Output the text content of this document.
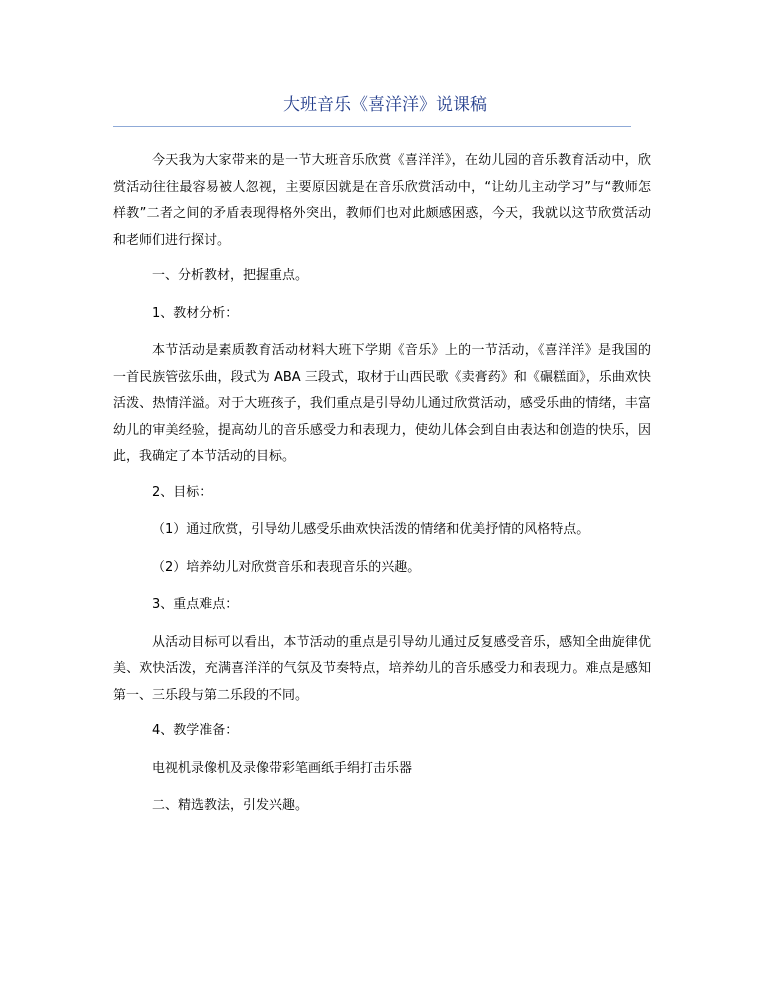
大班音乐《喜洋洋》说课稿

今天我为大家带来的是一节大班音乐欣赏《喜洋洋》，在幼儿园的音乐教育活动中，欣赏活动往往最容易被人忽视，主要原因就是在音乐欣赏活动中，“让幼儿主动学习”与“教师怎样教”二者之间的矛盾表现得格外突出，教师们也对此颇感困惑，今天，我就以这节欣赏活动和老师们进行探讨。

一、分析教材，把握重点。

1、教材分析：

本节活动是素质教育活动材料大班下学期《音乐》上的一节活动，《喜洋洋》是我国的一首民族管弦乐曲，段式为 ABA 三段式，取材于山西民歌《卖膏药》和《碾糕面》，乐曲欢快活泼、热情洋溢。对于大班孩子，我们重点是引导幼儿通过欣赏活动，感受乐曲的情绪，丰富幼儿的审美经验，提高幼儿的音乐感受力和表现力，使幼儿体会到自由表达和创造的快乐，因此，我确定了本节活动的目标。

2、目标：

（1）通过欣赏，引导幼儿感受乐曲欢快活泼的情绪和优美抒情的风格特点。

（2）培养幼儿对欣赏音乐和表现音乐的兴趣。

3、重点难点：

从活动目标可以看出，本节活动的重点是引导幼儿通过反复感受音乐，感知全曲旋律优美、欢快活泼，充满喜洋洋的气氛及节奏特点，培养幼儿的音乐感受力和表现力。难点是感知第一、三乐段与第二乐段的不同。

4、教学准备：

电视机录像机及录像带彩笔画纸手绢打击乐器

二、精选教法，引发兴趣。
